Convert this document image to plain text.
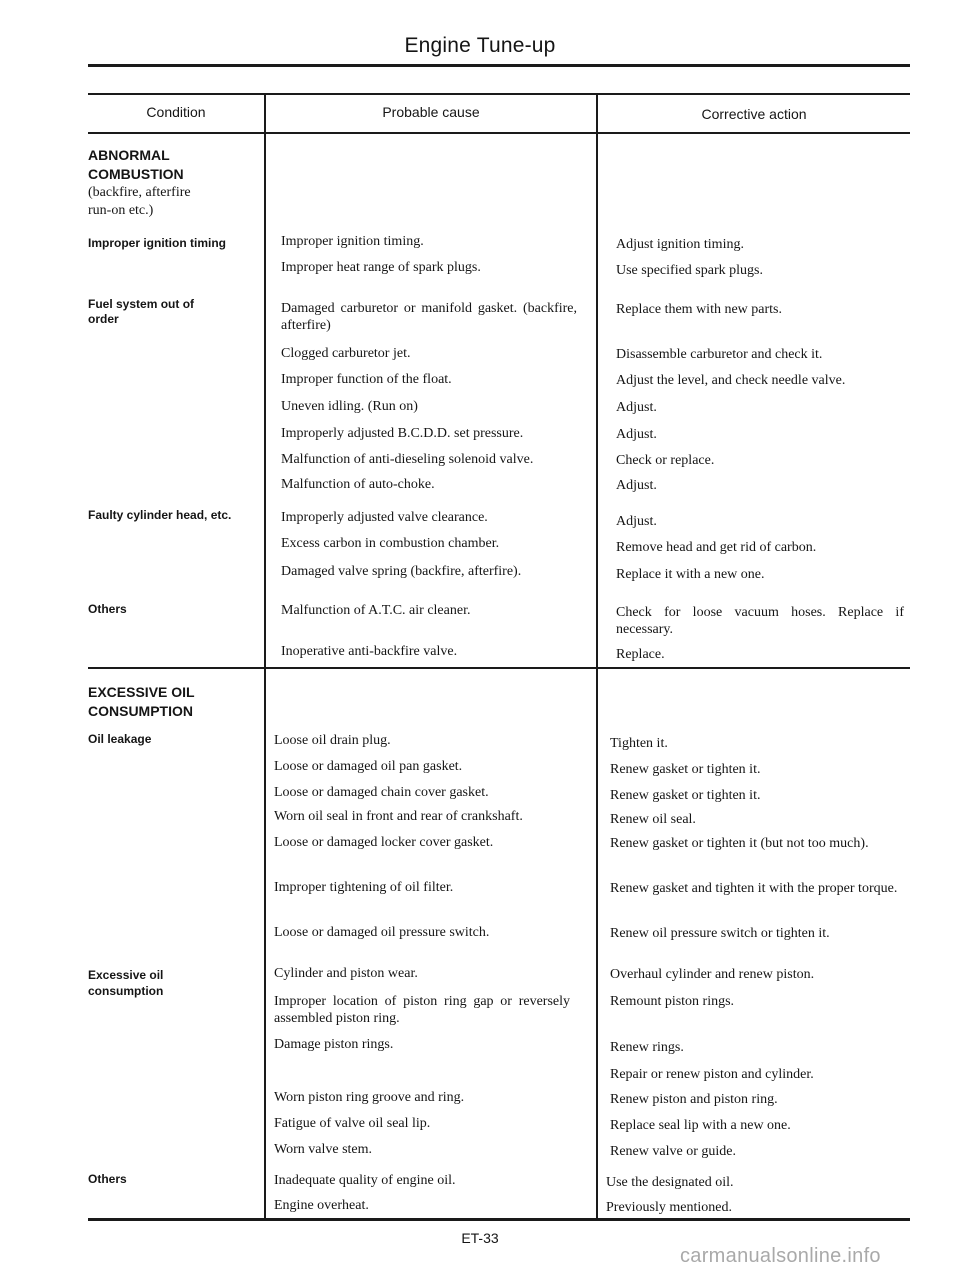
Engine Tune-up
Condition	Probable cause	Corrective action
ABNORMAL
COMBUSTION
(backfire, afterfire
run-on etc.)
Improper ignition timing
Fuel system out of
order
Faulty cylinder head, etc.
Others
Improper ignition timing.
Improper heat range of spark plugs.
Damaged carburetor or manifold gasket. (backfire, afterfire)
Clogged carburetor jet.
Improper function of the float.
Uneven idling. (Run on)
Improperly adjusted B.C.D.D. set pressure.
Malfunction of anti-dieseling solenoid valve.
Malfunction of auto-choke.
Improperly adjusted valve clearance.
Excess carbon in combustion chamber.
Damaged valve spring (backfire, afterfire).
Malfunction of A.T.C. air cleaner.
Inoperative anti-backfire valve.
Adjust ignition timing.
Use specified spark plugs.
Replace them with new parts.
Disassemble carburetor and check it.
Adjust the level, and check needle valve.
Adjust.
Adjust.
Check or replace.
Adjust.
Adjust.
Remove head and get rid of carbon.
Replace it with a new one.
Check for loose vacuum hoses. Replace if necessary.
Replace.
EXCESSIVE OIL
CONSUMPTION
Oil leakage
Excessive oil
consumption
Others
Loose oil drain plug.
Loose or damaged oil pan gasket.
Loose or damaged chain cover gasket.
Worn oil seal in front and rear of crankshaft.
Loose or damaged locker cover gasket.
Improper tightening of oil filter.
Loose or damaged oil pressure switch.
Cylinder and piston wear.
Improper location of piston ring gap or reversely assembled piston ring.
Damage piston rings.
Worn piston ring groove and ring.
Fatigue of valve oil seal lip.
Worn valve stem.
Inadequate quality of engine oil.
Engine overheat.
Tighten it.
Renew gasket or tighten it.
Renew gasket or tighten it.
Renew oil seal.
Renew gasket or tighten it (but not too much).
Renew gasket and tighten it with the proper torque.
Renew oil pressure switch or tighten it.
Overhaul cylinder and renew piston.
Remount piston rings.
Renew rings.
Repair or renew piston and cylinder.
Renew piston and piston ring.
Replace seal lip with a new one.
Renew valve or guide.
Use the designated oil.
Previously mentioned.
ET-33
carmanualsonline.info
